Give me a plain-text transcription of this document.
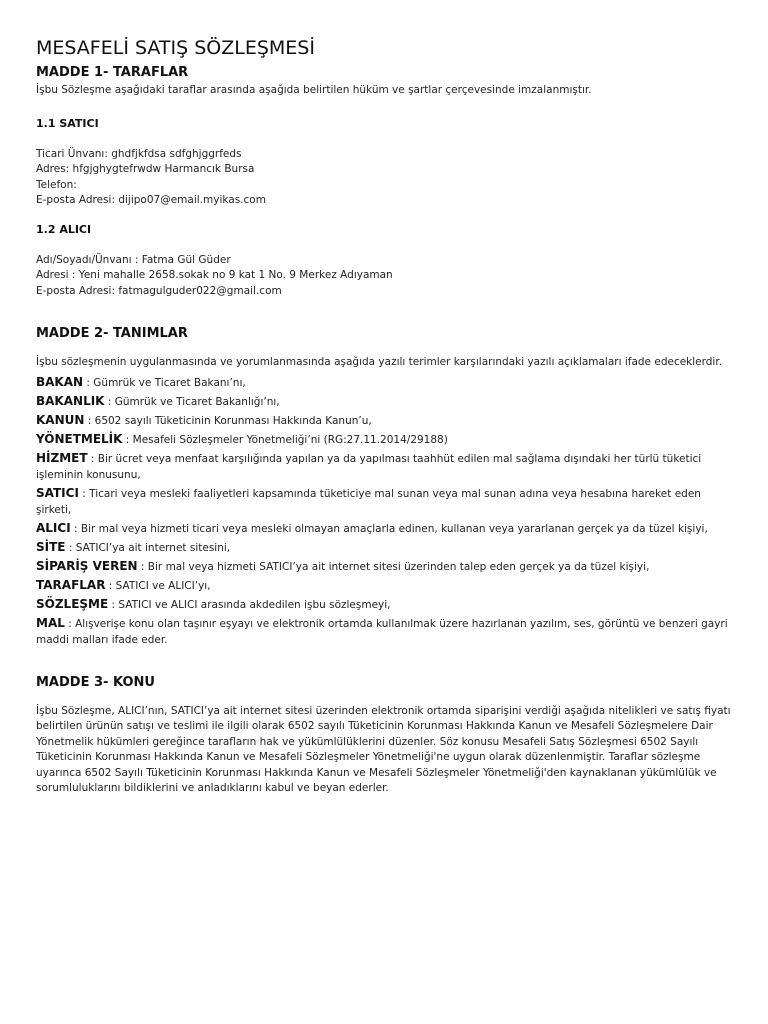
MESAFELİ SATIŞ SÖZLEŞMESİ
MADDE 1- TARAFLAR

İşbu Sözleşme aşağıdaki taraflar arasında aşağıda belirtilen hüküm ve şartlar çerçevesinde imzalanmıştır.

1.1 SATICI

Ticari Ünvanı: ghdfjkfdsa sdfghjggrfeds

Adres: hfgjghygtefrwdw Harmancık Bursa

Telefon:

E-posta Adresi: dijipo07@email.myikas.com

1.2 ALICI

Adı/Soyadı/Ünvanı : Fatma Gül Güder

Adresi : Yeni mahalle 2658.sokak no 9 kat 1 No. 9 Merkez Adıyaman

E-posta Adresi: fatmagulguder022@gmail.com

MADDE 2- TANIMLAR

İşbu sözleşmenin uygulanmasında ve yorumlanmasında aşağıda yazılı terimler karşılarındaki yazılı açıklamaları ifade edeceklerdir.

BAKAN : Gümrük ve Ticaret Bakanı’nı,

BAKANLIK : Gümrük ve Ticaret Bakanlığı’nı,

KANUN : 6502 sayılı Tüketicinin Korunması Hakkında Kanun’u,

YÖNETMELİK : Mesafeli Sözleşmeler Yönetmeliği’ni (RG:27.11.2014/29188)

HİZMET : Bir ücret veya menfaat karşılığında yapılan ya da yapılması taahhüt edilen mal sağlama dışındaki her türlü tüketici işleminin konusunu,

SATICI : Ticari veya mesleki faaliyetleri kapsamında tüketiciye mal sunan veya mal sunan adına veya hesabına hareket eden şirketi,

ALICI : Bir mal veya hizmeti ticari veya mesleki olmayan amaçlarla edinen, kullanan veya yararlanan gerçek ya da tüzel kişiyi,

SİTE : SATICI’ya ait internet sitesini,

SİPARİŞ VEREN : Bir mal veya hizmeti SATICI’ya ait internet sitesi üzerinden talep eden gerçek ya da tüzel kişiyi,

TARAFLAR : SATICI ve ALICI’yı,

SÖZLEŞME : SATICI ve ALICI arasında akdedilen işbu sözleşmeyi,

MAL : Alışverişe konu olan taşınır eşyayı ve elektronik ortamda kullanılmak üzere hazırlanan yazılım, ses, görüntü ve benzeri gayri maddi malları ifade eder.

MADDE 3- KONU

İşbu Sözleşme, ALICI’nın, SATICI’ya ait internet sitesi üzerinden elektronik ortamda siparişini verdiği aşağıda nitelikleri ve satış fiyatı belirtilen ürünün satışı ve teslimi ile ilgili olarak 6502 sayılı Tüketicinin Korunması Hakkında Kanun ve Mesafeli Sözleşmelere Dair Yönetmelik hükümleri gereğince tarafların hak ve yükümlülüklerini düzenler. Söz konusu Mesafeli Satış Sözleşmesi 6502 Sayılı Tüketicinin Korunması Hakkında Kanun ve Mesafeli Sözleşmeler Yönetmeliği'ne uygun olarak düzenlenmiştir. Taraflar sözleşme uyarınca 6502 Sayılı Tüketicinin Korunması Hakkında Kanun ve Mesafeli Sözleşmeler Yönetmeliği'den kaynaklanan yükümlülük ve sorumluluklarını bildiklerini ve anladıklarını kabul ve beyan ederler.
